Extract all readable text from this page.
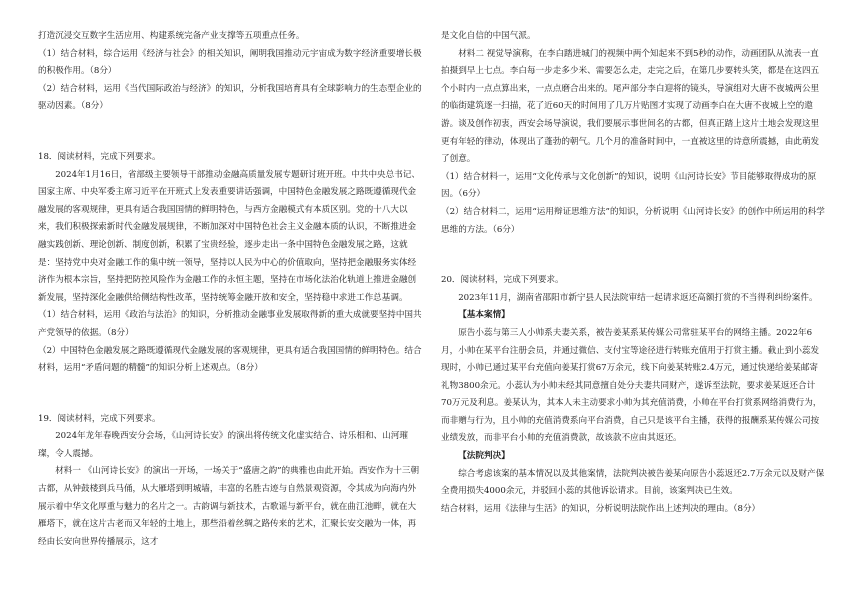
打造沉浸交互数字生活应用、构建系统完备产业支撑等五项重点任务。

（1）结合材料，综合运用《经济与社会》的相关知识，阐明我国推动元宇宙成为数字经济重要增长极的积极作用。（8分）

（2）结合材料，运用《当代国际政治与经济》的知识，分析我国培育具有全球影响力的生态型企业的驱动因素。（8分）

18．阅读材料，完成下列要求。

2024年1月16日，省部级主要领导干部推动金融高质量发展专题研讨班开班。中共中央总书记、国家主席、中央军委主席习近平在开班式上发表重要讲话强调，中国特色金融发展之路既遵循现代金融发展的客观规律，更具有适合我国国情的鲜明特色，与西方金融模式有本质区别。党的十八大以来，我们积极探索新时代金融发展规律，不断加深对中国特色社会主义金融本质的认识，不断推进金融实践创新、理论创新、制度创新，积累了宝贵经验，逐步走出一条中国特色金融发展之路，这就是：坚持党中央对金融工作的集中统一领导，坚持以人民为中心的价值取向，坚持把金融服务实体经济作为根本宗旨，坚持把防控风险作为金融工作的永恒主题，坚持在市场化法治化轨道上推进金融创新发展，坚持深化金融供给侧结构性改革，坚持统筹金融开放和安全，坚持稳中求进工作总基调。

（1）结合材料，运用《政治与法治》的知识，分析推动金融事业发展取得新的重大成就要坚持中国共产党领导的依据。（8分）

（2）中国特色金融发展之路既遵循现代金融发展的客观规律，更具有适合我国国情的鲜明特色。结合材料，运用“矛盾问题的精髓”的知识分析上述观点。（8分）

19．阅读材料，完成下列要求。

2024年龙年春晚西安分会场，《山河诗长安》的演出将传统文化虚实结合、诗乐相和、山河璀璨，令人震撼。

材料一 《山河诗长安》的演出一开场，一场关于“盛唐之韵”的典雅也由此开始。西安作为十三朝古都，从钟鼓楼到兵马俑，从大雁塔到明城墙，丰富的名胜古迹与自然景观资源，令其成为向海内外展示着中华文化厚重与魅力的名片之一。古韵调与新技术，古歌谣与新平台，就在曲江池畔，就在大雁塔下，就在这片古老而又年轻的土地上，那些沿着丝绸之路传来的艺术，汇聚长安交融为一体，再经由长安向世界传播展示，这才

是文化自信的中国气派。

材料二 视觉导演称，在李白踏进城门的视频中两个知起来不到5秒的动作，动画团队从流表一直拍摄到早上七点。李白每一步走多少米、需要怎么走，走完之后，在第几步要转头笑，都是在这四五个小时内一点点算出来，一点点磨合出来的。尾声部分李白迎将的镜头，导演组对大唐不夜城两公里的临街建筑逐一扫描，花了近60天的时间用了几万片贴图才实现了动画李白在大唐不夜城上空的遨游。谈及创作初衷，西安会场导演说，我们要展示事世间名的古都，但真正踏上这片土地会发现这里更有年轻的律动，体现出了蓬勃的朝气。几个月的准备时间中，一直被这里的诗意所震撼，由此萌发了创意。

（1）结合材料一，运用“文化传承与文化创新”的知识，说明《山河诗长安》节目能够取得成功的原因。（6分）

（2）结合材料二，运用“运用辩证思维方法”的知识，分析说明《山河诗长安》的创作中所运用的科学思维的方法。（6分）

20．阅读材料，完成下列要求。

2023年11月，湖南省邵阳市新宁县人民法院审结一起请求返还高额打赏的不当得利纠纷案件。

【基本案情】

原告小蕊与第三人小帅系夫妻关系，被告姜某系某传媒公司常驻某平台的网络主播。2022年6月，小帅在某平台注册会员，并通过微信、支付宝等途径进行转账充值用于打赏主播。截止到小蕊发现时，小帅已通过某平台充值向姜某打赏67万余元，线下向姜某转账2.4万元，通过快递给姜某邮寄礼物3800余元。小蕊认为小帅未经其同意擅自处分夫妻共同财产，遂诉至法院，要求姜某返还合计70万元及利息。姜某认为，其本人未主动要求小帅为其充值消费，小帅在平台打赏系网络消费行为，而非赠与行为，且小帅的充值消费系向平台消费，自己只是该平台主播，获得的报酬系某传媒公司按业绩发放，而非平台小帅的充值消费款，故该款不应由其返还。

【法院判决】

综合考虑该案的基本情况以及其他案情，法院判决被告姜某向原告小蕊返还2.7万余元以及财产保全费用损失4000余元，并驳回小蕊的其他诉讼请求。目前，该案判决已生效。

结合材料，运用《法律与生活》的知识，分析说明法院作出上述判决的理由。（8分）
